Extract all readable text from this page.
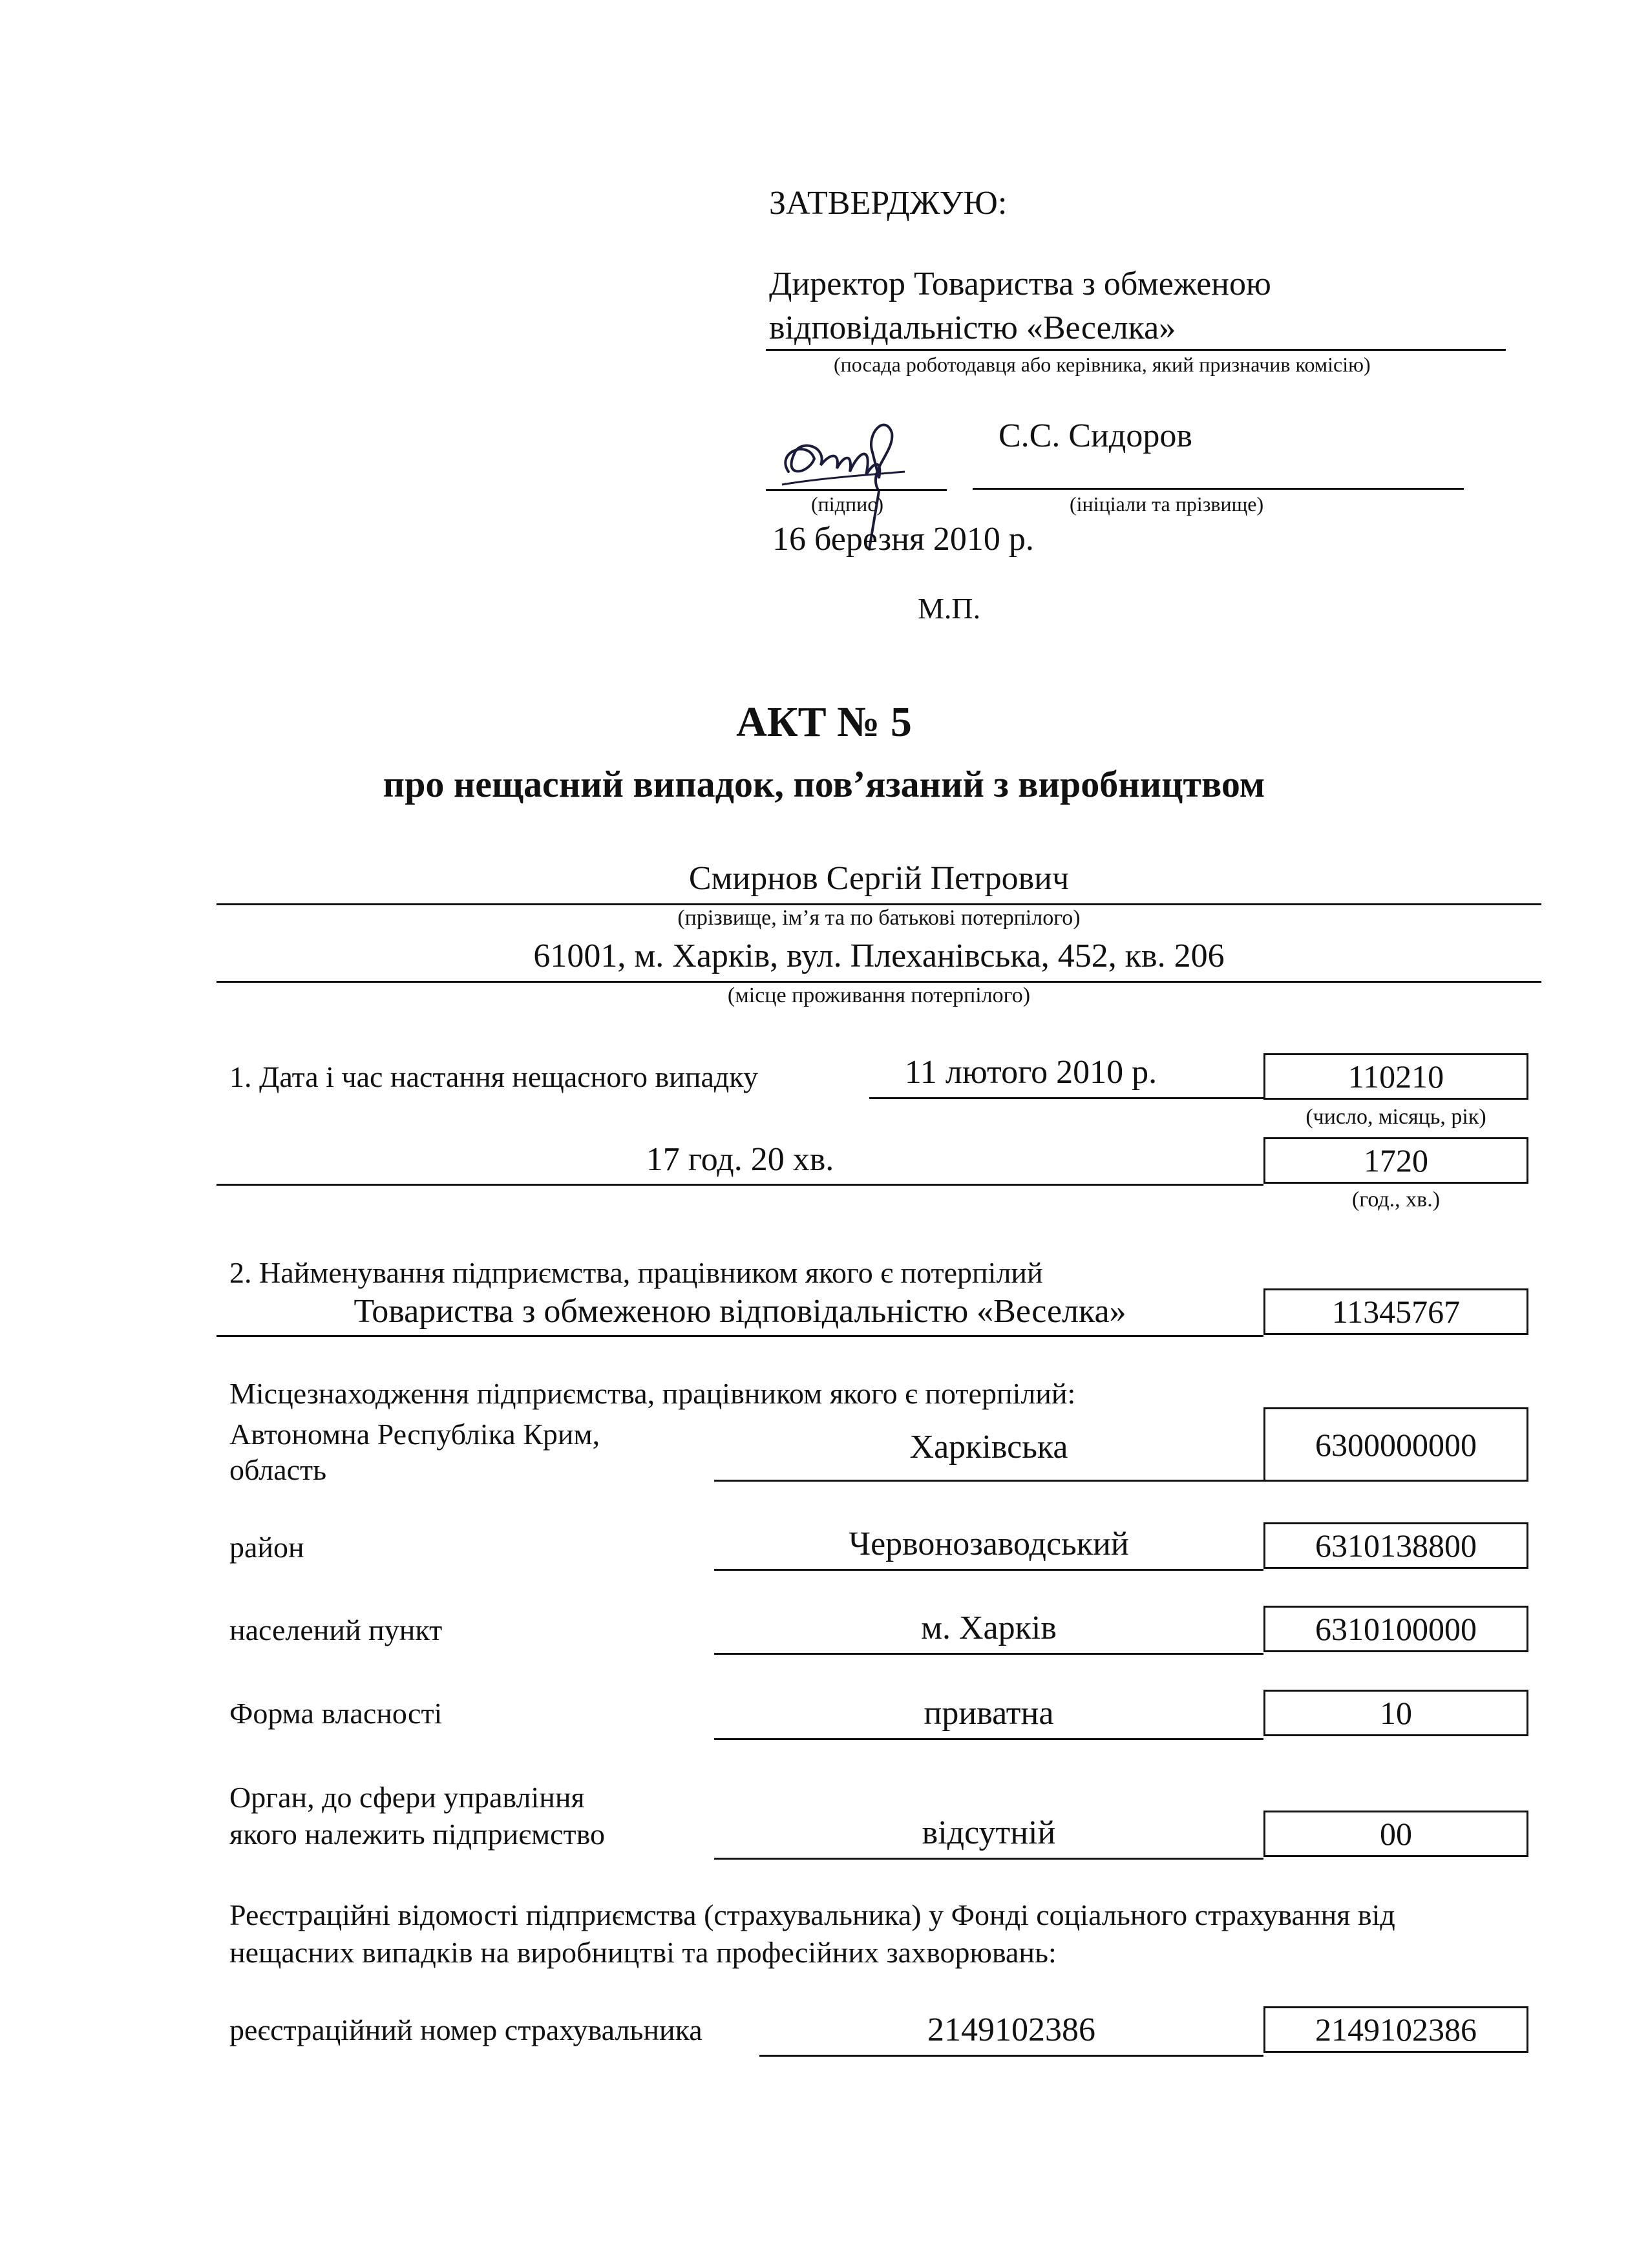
ЗАТВЕРДЖУЮ:
Директор Товариства з обмеженою
відповідальністю «Веселка»
(посада роботодавця або керівника, який призначив комісію)
(підпис)
С.С. Сидоров
(ініціали та прізвище)
16 березня 2010 р.
М.П.
АКТ № 5
про нещасний випадок, пов’язаний з виробництвом
Смирнов Сергій Петрович
(прізвище, ім’я та по батькові потерпілого)
61001, м. Харків, вул. Плеханівська, 452, кв. 206
(місце проживання потерпілого)
1. Дата і час настання нещасного випадку	11 лютого 2010 р.	110210
(число, місяць, рік)
17 год. 20 хв.	1720
(год., хв.)
2. Найменування підприємства, працівником якого є потерпілий
Товариства з обмеженою відповідальністю «Веселка»	11345767
Місцезнаходження підприємства, працівником якого є потерпілий:
Автономна Республіка Крим,
область
Харківська	6300000000
район	Червонозаводський	6310138800
населений пункт	м. Харків	6310100000
Форма власності	приватна	10
Орган, до сфери управління
якого належить підприємство	відсутній	00
Реєстраційні відомості підприємства (страхувальника) у Фонді соціального страхування від
нещасних випадків на виробництві та професійних захворювань:
реєстраційний номер страхувальника	2149102386	2149102386
